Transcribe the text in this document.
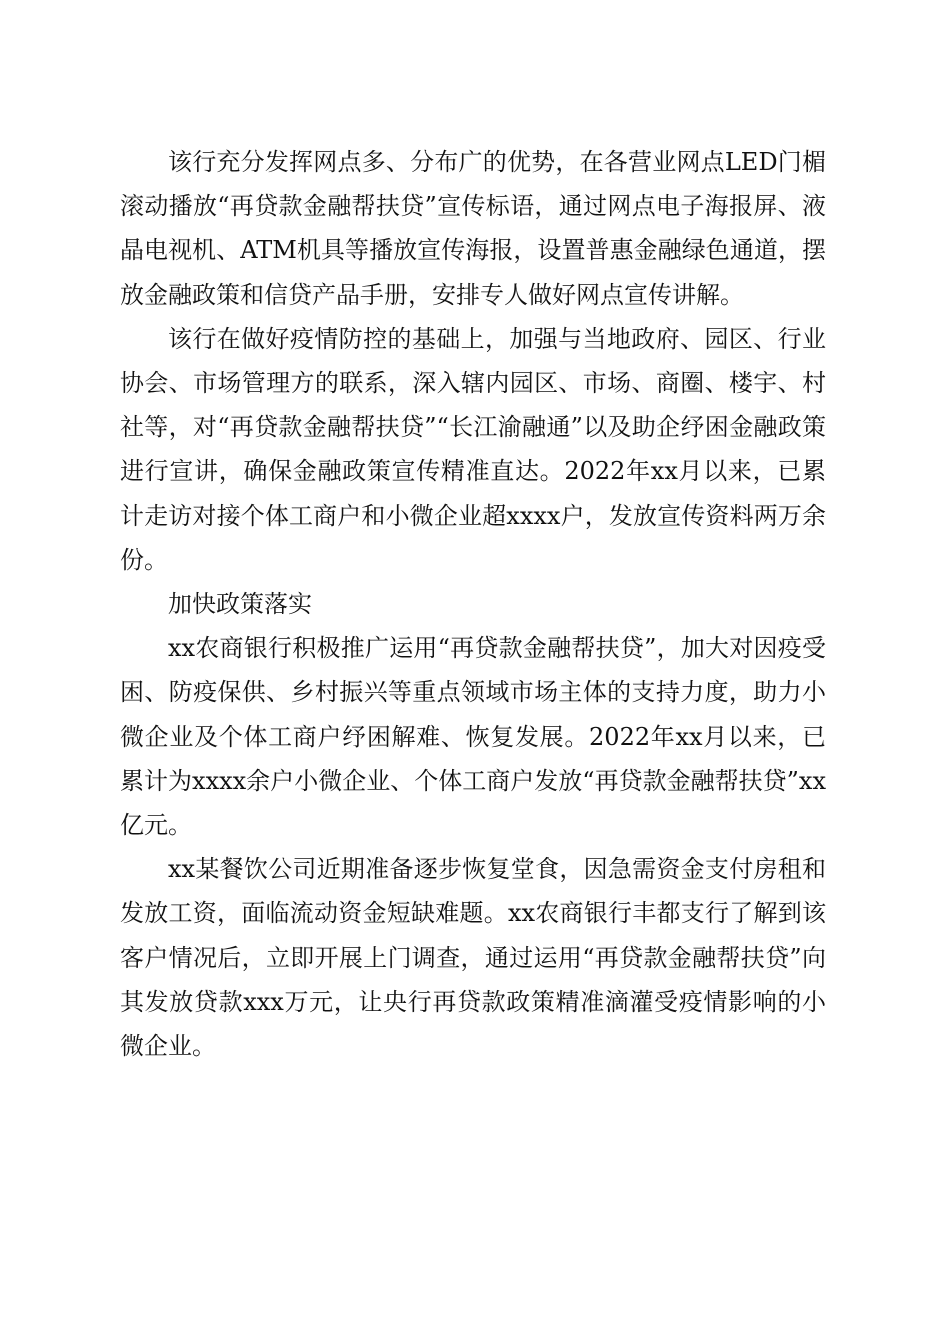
该行充分发挥网点多、分布广的优势，在各营业网点LED门楣滚动播放“再贷款金融帮扶贷”宣传标语，通过网点电子海报屏、液晶电视机、ATM机具等播放宣传海报，设置普惠金融绿色通道，摆放金融政策和信贷产品手册，安排专人做好网点宣传讲解。

该行在做好疫情防控的基础上，加强与当地政府、园区、行业协会、市场管理方的联系，深入辖内园区、市场、商圈、楼宇、村社等，对“再贷款金融帮扶贷”“长江渝融通”以及助企纾困金融政策进行宣讲，确保金融政策宣传精准直达。2022年xx月以来，已累计走访对接个体工商户和小微企业超xxxx户，发放宣传资料两万余份。

加快政策落实

xx农商银行积极推广运用“再贷款金融帮扶贷”，加大对因疫受困、防疫保供、乡村振兴等重点领域市场主体的支持力度，助力小微企业及个体工商户纾困解难、恢复发展。2022年xx月以来，已累计为xxxx余户小微企业、个体工商户发放“再贷款金融帮扶贷”xx亿元。

xx某餐饮公司近期准备逐步恢复堂食，因急需资金支付房租和发放工资，面临流动资金短缺难题。xx农商银行丰都支行了解到该客户情况后，立即开展上门调查，通过运用“再贷款金融帮扶贷”向其发放贷款xxx万元，让央行再贷款政策精准滴灌受疫情影响的小微企业。
